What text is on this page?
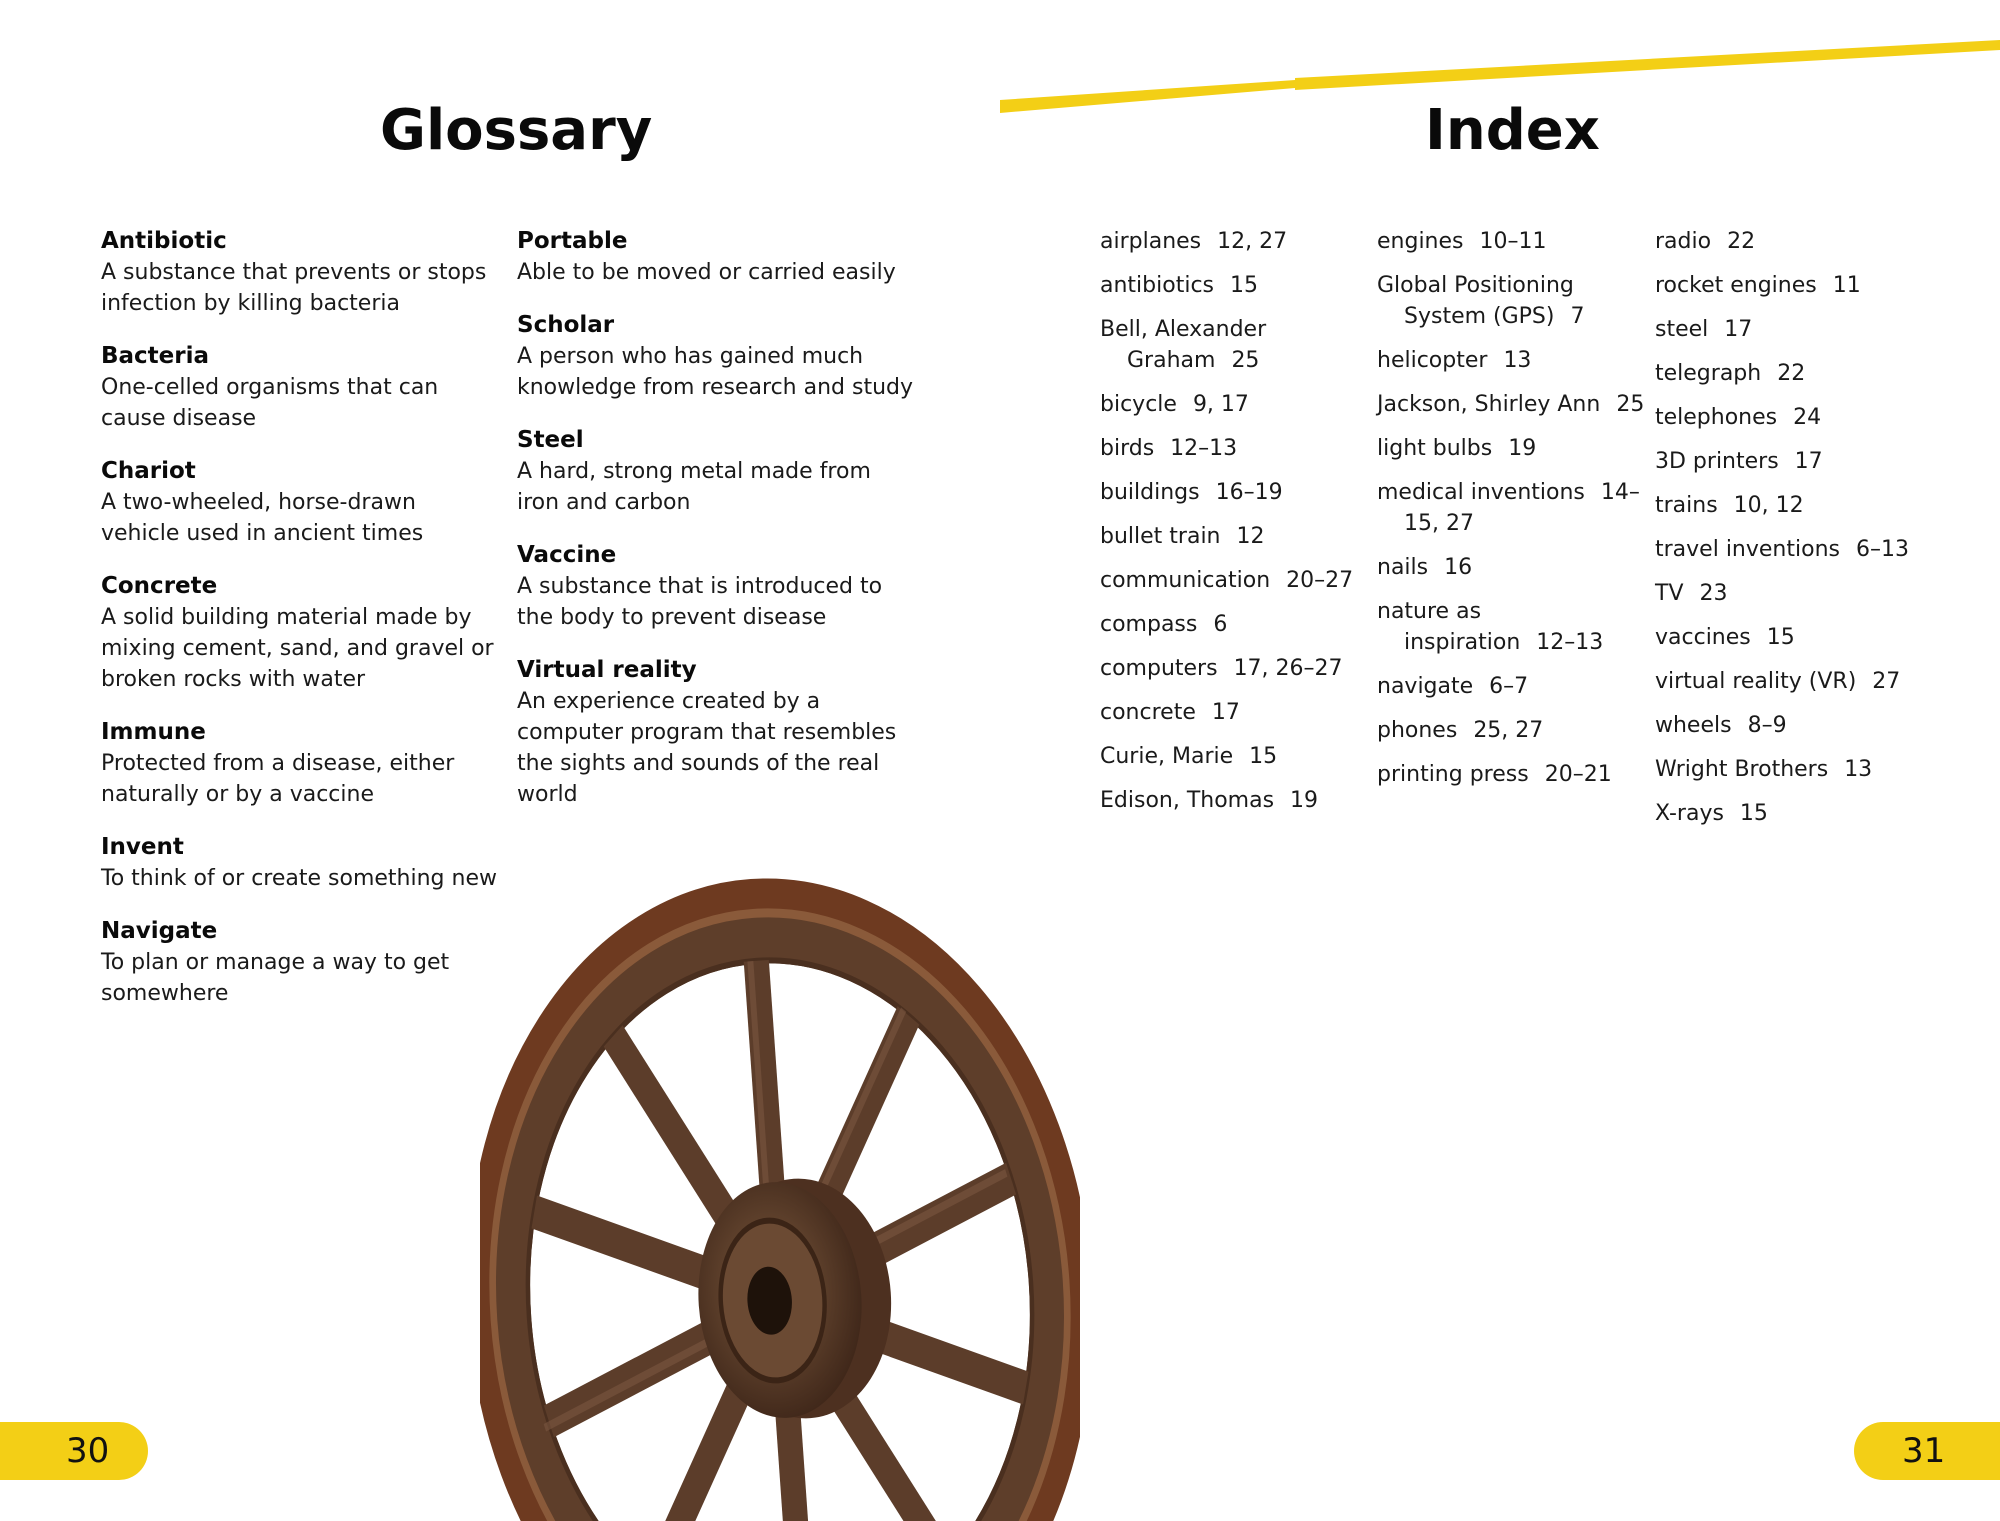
Glossary
Antibiotic
A substance that prevents or stops infection by killing bacteria
Bacteria
One-celled organisms that can cause disease
Chariot
A two-wheeled, horse-drawn vehicle used in ancient times
Concrete
A solid building material made by mixing cement, sand, and gravel or broken rocks with water
Immune
Protected from a disease, either naturally or by a vaccine
Invent
To think of or create something new
Navigate
To plan or manage a way to get somewhere
Portable
Able to be moved or carried easily
Scholar
A person who has gained much knowledge from research and study
Steel
A hard, strong metal made from iron and carbon
Vaccine
A substance that is introduced to the body to prevent disease
Virtual reality
An experience created by a computer program that resembles the sights and sounds of the real world
30
Index
airplanes 12, 27
antibiotics 15
Bell, Alexander Graham 25
bicycle 9, 17
birds 12–13
buildings 16–19
bullet train 12
communication 20–27
compass 6
computers 17, 26–27
concrete 17
Curie, Marie 15
Edison, Thomas 19
engines 10–11
Global Positioning System (GPS) 7
helicopter 13
Jackson, Shirley Ann 25
light bulbs 19
medical inventions 14–15, 27
nails 16
nature as inspiration 12–13
navigate 6–7
phones 25, 27
printing press 20–21
radio 22
rocket engines 11
steel 17
telegraph 22
telephones 24
3D printers 17
trains 10, 12
travel inventions 6–13
TV 23
vaccines 15
virtual reality (VR) 27
wheels 8–9
Wright Brothers 13
X-rays 15
31
